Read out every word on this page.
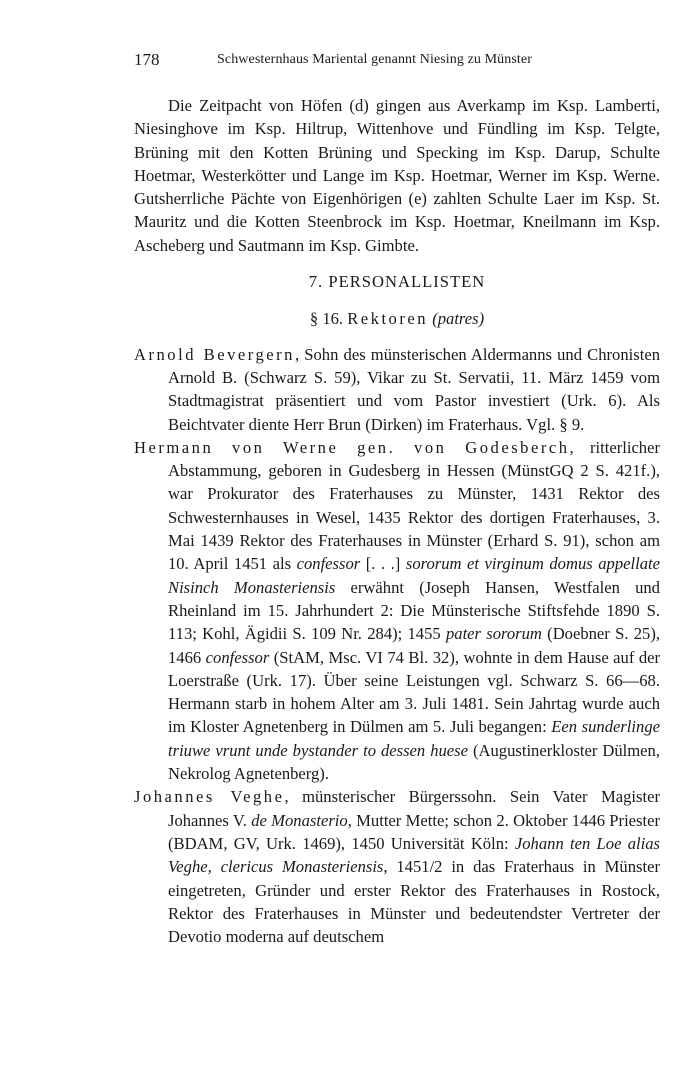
178	Schwesternhaus Mariental genannt Niesing zu Münster

Die Zeitpacht von Höfen (d) gingen aus Averkamp im Ksp. Lamberti, Niesinghove im Ksp. Hiltrup, Wittenhove und Fündling im Ksp. Telgte, Brüning mit den Kotten Brüning und Specking im Ksp. Darup, Schulte Hoetmar, Westerkötter und Lange im Ksp. Hoetmar, Werner im Ksp. Werne. Gutsherrliche Pächte von Eigenhörigen (e) zahlten Schulte Laer im Ksp. St. Mauritz und die Kotten Steenbrock im Ksp. Hoetmar, Kneilmann im Ksp. Ascheberg und Sautmann im Ksp. Gimbte.

7. PERSONALLISTEN

§ 16. Rektoren (patres)

Arnold Bevergern, Sohn des münsterischen Aldermanns und Chronisten Arnold B. (Schwarz S. 59), Vikar zu St. Servatii, 11. März 1459 vom Stadtmagistrat präsentiert und vom Pastor investiert (Urk. 6). Als Beichtvater diente Herr Brun (Dirken) im Fraterhaus. Vgl. § 9.

Hermann von Werne gen. von Godesberch, ritterlicher Abstammung, geboren in Gudesberg in Hessen (MünstGQ 2 S. 421f.), war Prokurator des Fraterhauses zu Münster, 1431 Rektor des Schwesternhauses in Wesel, 1435 Rektor des dortigen Fraterhauses, 3. Mai 1439 Rektor des Fraterhauses in Münster (Erhard S. 91), schon am 10. April 1451 als confessor [. . .] sororum et virginum domus appellate Nisinch Monasteriensis erwähnt (Joseph Hansen, Westfalen und Rheinland im 15. Jahrhundert 2: Die Münsterische Stiftsfehde 1890 S. 113; Kohl, Ägidii S. 109 Nr. 284); 1455 pater sororum (Doebner S. 25), 1466 confessor (StAM, Msc. VI 74 Bl. 32), wohnte in dem Hause auf der Loerstraße (Urk. 17). Über seine Leistungen vgl. Schwarz S. 66—68. Hermann starb in hohem Alter am 3. Juli 1481. Sein Jahrtag wurde auch im Kloster Agnetenberg in Dülmen am 5. Juli begangen: Een sunderlinge triuwe vrunt unde bystander to dessen huese (Augustinerkloster Dülmen, Nekrolog Agnetenberg).

Johannes Veghe, münsterischer Bürgerssohn. Sein Vater Magister Johannes V. de Monasterio, Mutter Mette; schon 2. Oktober 1446 Priester (BDAM, GV, Urk. 1469), 1450 Universität Köln: Johann ten Loe alias Veghe, clericus Monasteriensis, 1451/2 in das Fraterhaus in Münster eingetreten, Gründer und erster Rektor des Fraterhauses in Rostock, Rektor des Fraterhauses in Münster und bedeutendster Vertreter der Devotio moderna auf deutschem
